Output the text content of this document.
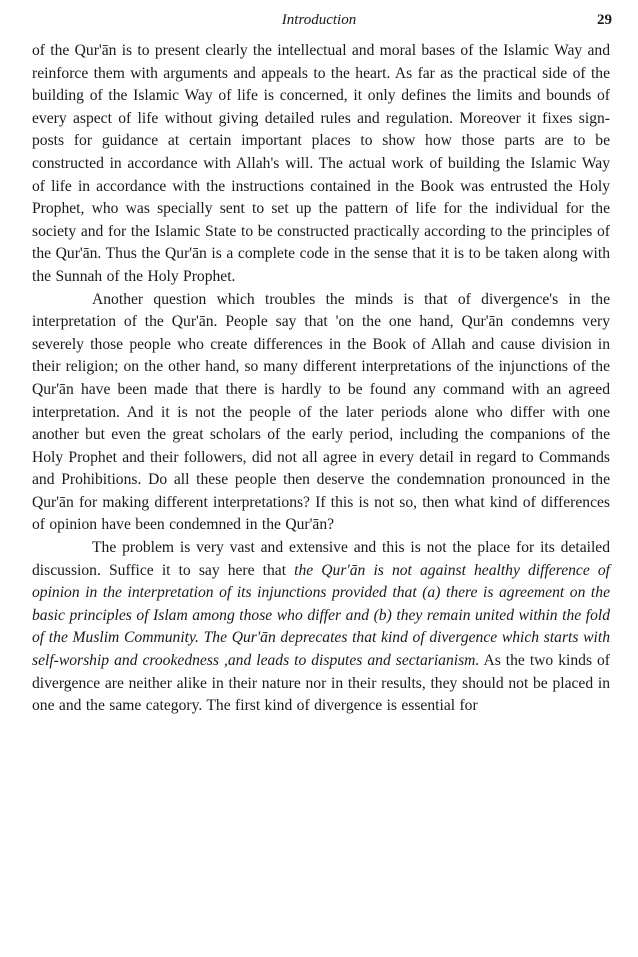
Introduction	29

of the Qur'ān is to present clearly the intellectual and moral bases of the Islamic Way and reinforce them with arguments and appeals to the heart. As far as the practical side of the building of the Islamic Way of life is concerned, it only defines the limits and bounds of every aspect of life without giving detailed rules and regulation. Moreover it fixes sign-posts for guidance at certain important places to show how those parts are to be constructed in accordance with Allah's will. The actual work of building the Islamic Way of life in accordance with the instructions contained in the Book was entrusted the Holy Prophet, who was specially sent to set up the pattern of life for the individual for the society and for the Islamic State to be constructed practically according to the principles of the Qur'ān. Thus the Qur'ān is a complete code in the sense that it is to be taken along with the Sunnah of the Holy Prophet.

Another question which troubles the minds is that of divergence's in the interpretation of the Qur'ān. People say that 'on the one hand, Qur'ān condemns very severely those people who create differences in the Book of Allah and cause division in their religion; on the other hand, so many different interpretations of the injunctions of the Qur'ān have been made that there is hardly to be found any command with an agreed interpretation. And it is not the people of the later periods alone who differ with one another but even the great scholars of the early period, including the companions of the Holy Prophet and their followers, did not all agree in every detail in regard to Commands and Prohibitions. Do all these people then deserve the condemnation pronounced in the Qur'ān for making different interpretations? If this is not so, then what kind of differences of opinion have been condemned in the Qur'ān?

The problem is very vast and extensive and this is not the place for its detailed discussion. Suffice it to say here that the Qur'ān is not against healthy difference of opinion in the interpretation of its injunctions provided that (a) there is agreement on the basic principles of Islam among those who differ and (b) they remain united within the fold of the Muslim Community. The Qur'ān deprecates that kind of divergence which starts with self-worship and crookedness ,and leads to disputes and sectarianism. As the two kinds of divergence are neither alike in their nature nor in their results, they should not be placed in one and the same category. The first kind of divergence is essential for
